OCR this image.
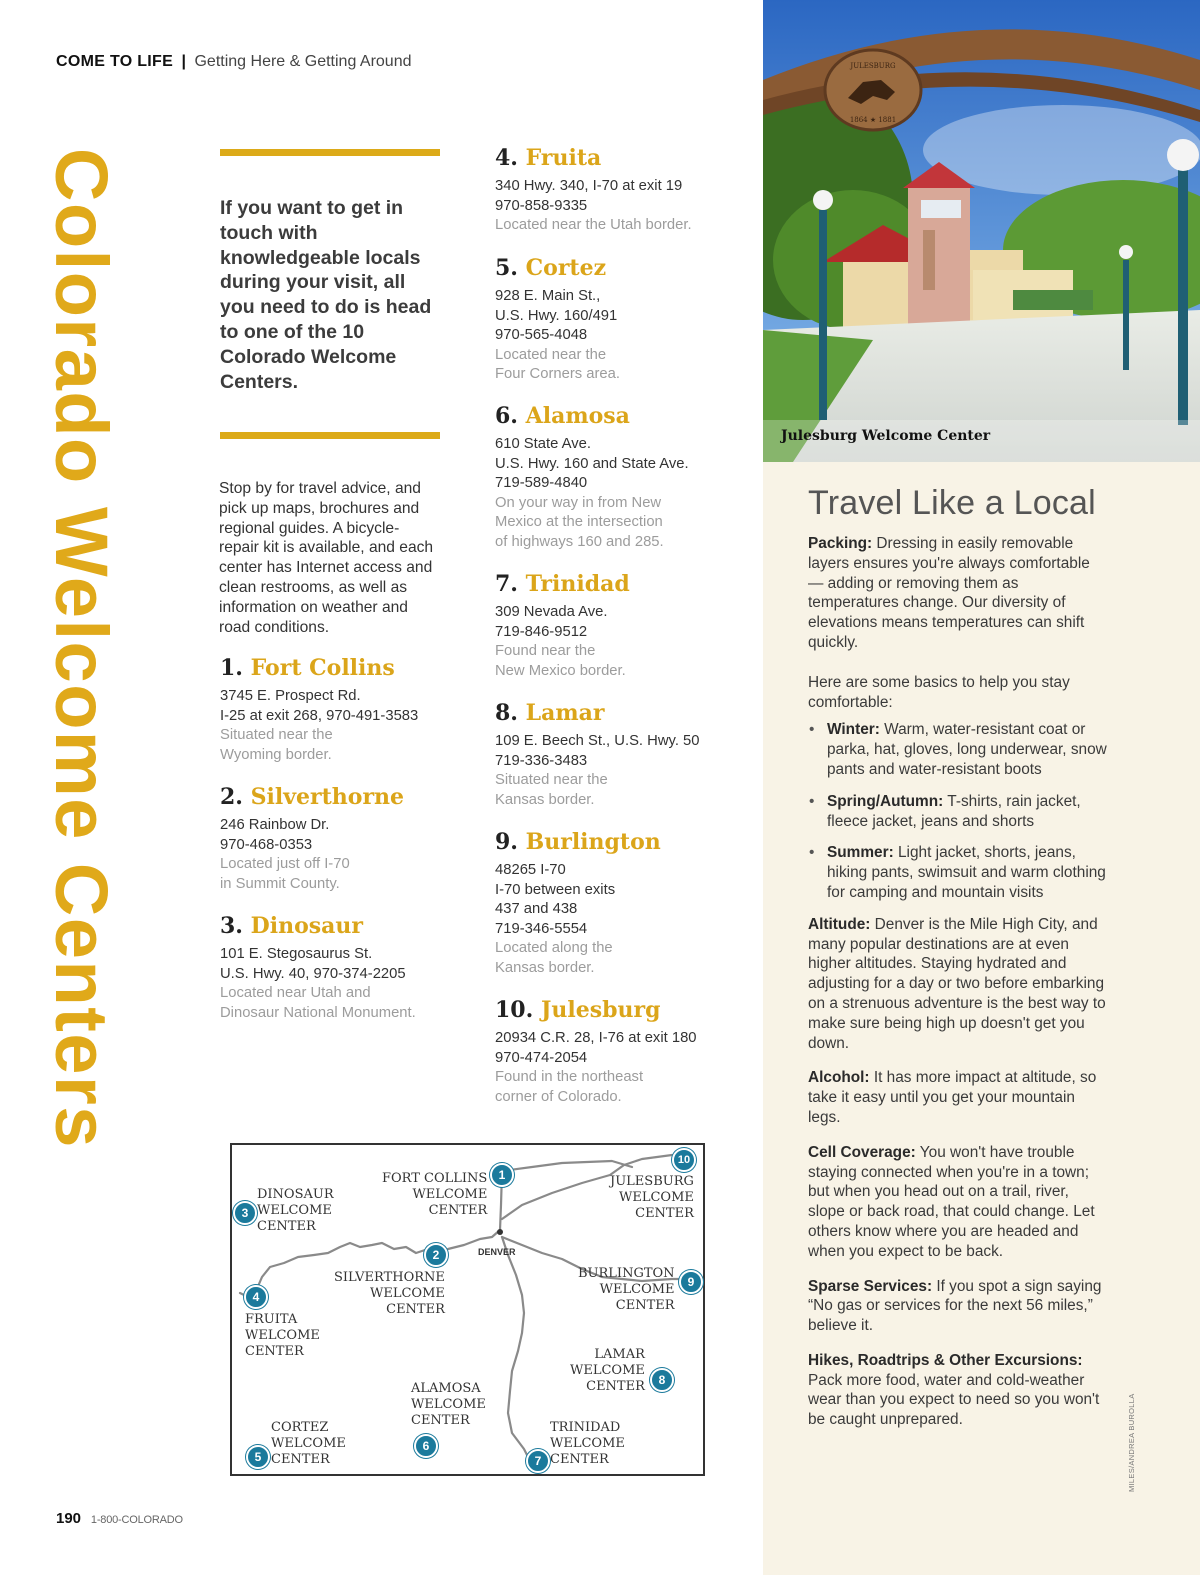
COME TO LIFE | Getting Here & Getting Around
Colorado Welcome Centers	If you want to get in touch with knowledgeable locals during your visit, all you need to do is head to one of the 10 Colorado Welcome Centers.
Stop by for travel advice, and pick up maps, brochures and regional guides. A bicycle-repair kit is available, and each center has Internet access and clean restrooms, as well as information on weather and road conditions.
1. Fort Collins
3745 E. Prospect Rd.
I-25 at exit 268, 970-491-3583
Situated near the
Wyoming border.
2. Silverthorne
246 Rainbow Dr.
970-468-0353
Located just off I-70
in Summit County.
3. Dinosaur
101 E. Stegosaurus St.
U.S. Hwy. 40, 970-374-2205
Located near Utah and
Dinosaur National Monument.
4. Fruita
340 Hwy. 340, I-70 at exit 19
970-858-9335
Located near the Utah border.
5. Cortez
928 E. Main St.,
U.S. Hwy. 160/491
970-565-4048
Located near the
Four Corners area.
6. Alamosa
610 State Ave.
U.S. Hwy. 160 and State Ave.
719-589-4840
On your way in from New
Mexico at the intersection
of highways 160 and 285.
7. Trinidad
309 Nevada Ave.
719-846-9512
Found near the
New Mexico border.
8. Lamar
109 E. Beech St., U.S. Hwy. 50
719-336-3483
Situated near the
Kansas border.
9. Burlington
48265 I-70
I-70 between exits
437 and 438
719-346-5554
Located along the
Kansas border.
10. Julesburg
20934 C.R. 28, I-76 at exit 180
970-474-2054
Found in the northeast
corner of Colorado.
DENVER
FORT COLLINS
WELCOME
CENTER
1
SILVERTHORNE
WELCOME
CENTER
2
DINOSAUR
WELCOME
CENTER
3
FRUITA
WELCOME
CENTER
4
CORTEZ
WELCOME
CENTER
5
ALAMOSA
WELCOME
CENTER
6
TRINIDAD
WELCOME
CENTER
7
LAMAR
WELCOME
CENTER	8
BURLINGTON
WELCOME
CENTER
9
JULESBURG
WELCOME
CENTER
10
190 1-800-COLORADO
JULESBURG
1864 ★ 1881
Julesburg Welcome Center
Travel Like a Local

Packing: Dressing in easily removable layers ensures you're always comfortable — adding or removing them as temperatures change. Our diversity of elevations means temperatures can shift quickly.

Here are some basics to help you stay comfortable:

• Winter: Warm, water-resistant coat or parka, hat, gloves, long underwear, snow pants and water-resistant boots
• Spring/Autumn: T-shirts, rain jacket, fleece jacket, jeans and shorts
• Summer: Light jacket, shorts, jeans, hiking pants, swimsuit and warm clothing for camping and mountain visits

Altitude: Denver is the Mile High City, and many popular destinations are at even higher altitudes. Staying hydrated and adjusting for a day or two before embarking on a strenuous adventure is the best way to make sure being high up doesn't get you down.

Alcohol: It has more impact at altitude, so take it easy until you get your mountain legs.

Cell Coverage: You won't have trouble staying connected when you're in a town; but when you head out on a trail, river, slope or back road, that could change. Let others know where you are headed and when you expect to be back.

Sparse Services: If you spot a sign saying “No gas or services for the next 56 miles,” believe it.

Hikes, Roadtrips & Other Excursions: Pack more food, water and cold-weather wear than you expect to need so you won't be caught unprepared.	MILES/ANDREA BUROLLA
